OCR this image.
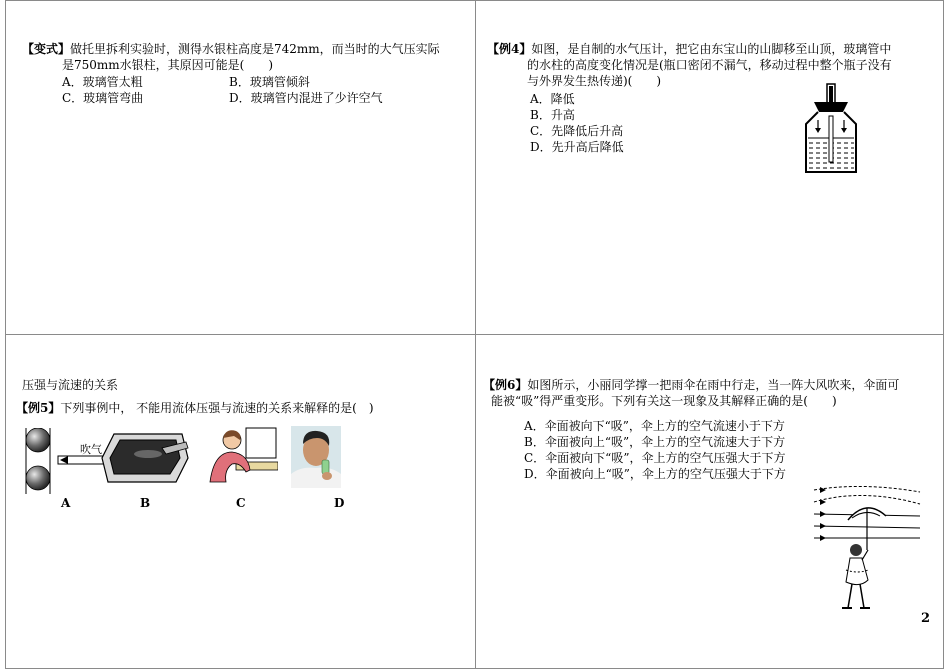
【变式】做托里拆利实验时，测得水银柱高度是742mm，而当时的大气压实际
是750mm水银柱，其原因可能是(　　)
A．玻璃管太粗	B．玻璃管倾斜
C．玻璃管弯曲	D．玻璃管内混进了少许空气
【例4】如图，是自制的水气压计，把它由东宝山的山脚移至山顶，玻璃管中
的水柱的高度变化情况是(瓶口密闭不漏气，移动过程中整个瓶子没有
与外界发生热传递)(　　)
A．降低
B．升高
C．先降低后升高
D．先升高后降低
压强与流速的关系
【例5】下列事例中， 不能用流体压强与流速的关系来解释的是(　)
吹气
A	B	C	D
【例6】如图所示，小丽同学撑一把雨伞在雨中行走，当一阵大风吹来，伞面可
能被“吸”得严重变形。下列有关这一现象及其解释正确的是(　　)
A．伞面被向下“吸”，伞上方的空气流速小于下方
B．伞面被向上“吸”，伞上方的空气流速大于下方
C．伞面被向下“吸”，伞上方的空气压强大于下方
D．伞面被向上“吸”，伞上方的空气压强大于下方
2
